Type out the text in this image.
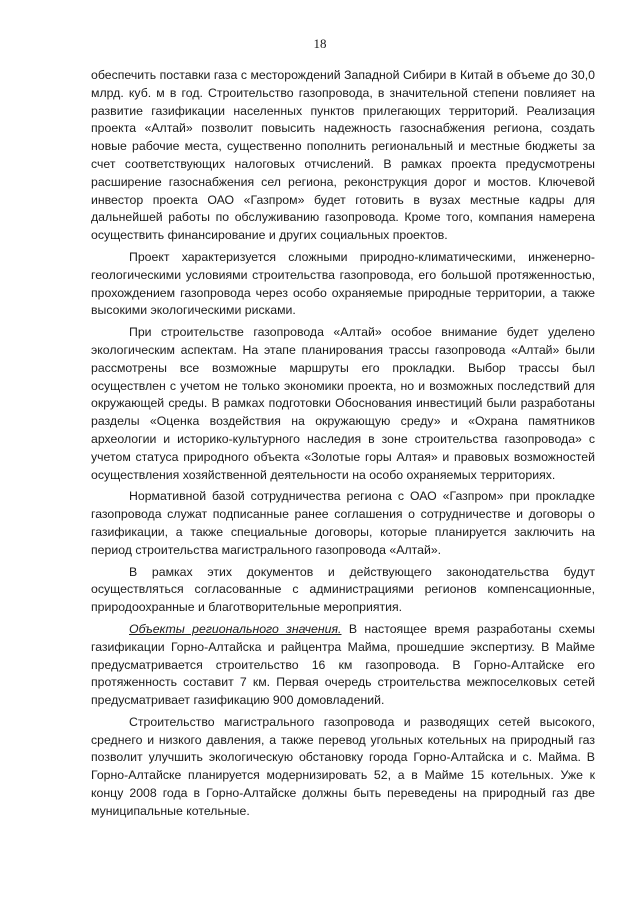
18

обеспечить поставки газа с месторождений Западной Сибири в Китай в объеме до 30,0 млрд. куб. м в год. Строительство газопровода, в значительной степени повлияет на развитие газификации населенных пунктов прилегающих территорий. Реализация проекта «Алтай» позволит повысить надежность газоснабжения региона, создать новые рабочие места, существенно пополнить региональный и местные бюджеты за счет соответствующих налоговых отчислений. В рамках проекта предусмотрены расширение газоснабжения сел региона, реконструкция дорог и мостов. Ключевой инвестор проекта ОАО «Газпром» будет готовить в вузах местные кадры для дальнейшей работы по обслуживанию газопровода. Кроме того, компания намерена осуществить финансирование и других социальных проектов.

Проект характеризуется сложными природно-климатическими, инженерно-геологическими условиями строительства газопровода, его большой протяженностью, прохождением газопровода через особо охраняемые природные территории, а также высокими экологическими рисками.

При строительстве газопровода «Алтай» особое внимание будет уделено экологическим аспектам. На этапе планирования трассы газопровода «Алтай» были рассмотрены все возможные маршруты его прокладки. Выбор трассы был осуществлен с учетом не только экономики проекта, но и возможных последствий для окружающей среды. В рамках подготовки Обоснования инвестиций были разработаны разделы «Оценка воздействия на окружающую среду» и «Охрана памятников археологии и историко-культурного наследия в зоне строительства газопровода» с учетом статуса природного объекта «Золотые горы Алтая» и правовых возможностей осуществления хозяйственной деятельности на особо охраняемых территориях.

Нормативной базой сотрудничества региона с ОАО «Газпром» при прокладке газопровода служат подписанные ранее соглашения о сотрудничестве и договоры о газификации, а также специальные договоры, которые планируется заключить на период строительства магистрального газопровода «Алтай».

В рамках этих документов и действующего законодательства будут осуществляться согласованные с администрациями регионов компенсационные, природоохранные и благотворительные мероприятия.

Объекты регионального значения. В настоящее время разработаны схемы газификации Горно-Алтайска и райцентра Майма, прошедшие экспертизу. В Майме предусматривается строительство 16 км газопровода. В Горно-Алтайске его протяженность составит 7 км. Первая очередь строительства межпоселковых сетей предусматривает газификацию 900 домовладений.

Строительство магистрального газопровода и разводящих сетей высокого, среднего и низкого давления, а также перевод угольных котельных на природный газ позволит улучшить экологическую обстановку города Горно-Алтайска и с. Майма. В Горно-Алтайске планируется модернизировать 52, а в Майме 15 котельных. Уже к концу 2008 года в Горно-Алтайске должны быть переведены на природный газ две муниципальные котельные.
